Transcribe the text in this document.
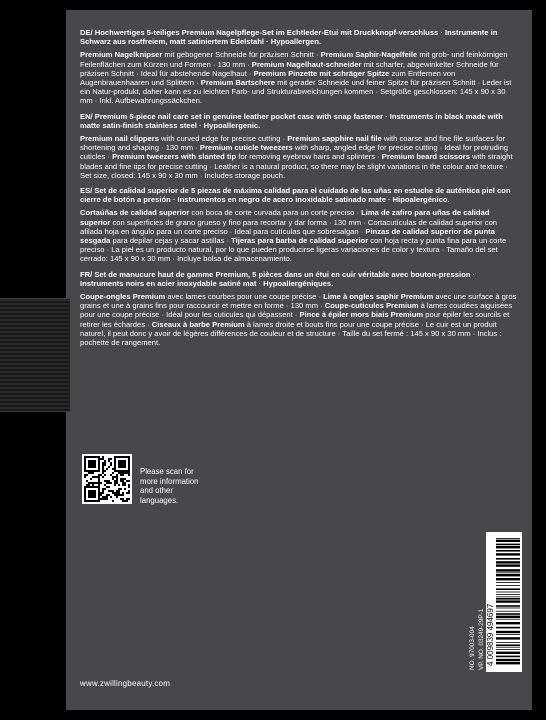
DE/ Hochwertiges 5-teiliges Premium Nagelpflege-Set im Echtleder-Etui mit Druckknopf-verschluss · Instrumente in Schwarz aus rostfreiem, matt satiniertem Edelstahl · Hypoallergen.
Premium Nagelknipser mit gebogener Schneide für präzisen Schnitt · Premium Saphir-Nagelfeile mit grob- und feinkörnigen Feilenflächen zum Kürzen und Formen · 130 mm · Premium Nagelhaut-schneider mit scharfer, abgewinkelter Schneide für präzisen Schnitt · Ideal für abstehende Nagelhaut · Premium Pinzette mit schräger Spitze zum Entfernen von Augenbrauenhaaren und Splittern · Premium Bartschere mit gerader Schneide und feiner Spitze für präzisen Schnitt · Leder ist ein Natur-produkt, daher kann es zu leichten Farb- und Strukturabweichungen kommen · Setgröße geschlossen: 145 x 90 x 30 mm · Inkl. Aufbewahrungssäckchen.
EN/ Premium 5-piece nail care set in genuine leather pocket case with snap fastener · Instruments in black made with matte satin-finish stainless steel · Hypoallergenic.
Premium nail clippers with curved edge for precise cutting · Premium sapphire nail file with coarse and fine file surfaces for shortening and shaping · 130 mm · Premium cuticle tweezers with sharp, angled edge for precise cutting · Ideal for protruding cuticles · Premium tweezers with slanted tip for removing eyebrow hairs and splinters · Premium beard scissors with straight blades and fine tips for precise cutting · Leather is a natural product, so there may be slight variations in the colour and texture · Set size, closed: 145 x 90 x 30 mm · Includes storage pouch.
ES/ Set de calidad superior de 5 piezas de máxima calidad para el cuidado de las uñas en estuche de auténtica piel con cierre de botón a presión · Instrumentos en negro de acero inoxidable satinado mate · Hipoalergénico.
Cortaúñas de calidad superior con boca de corte curvada para un corte preciso · Lima de zafiro para uñas de calidad superior con superficies de grano grueso y fino para recortar y dar forma · 130 mm · Cortacutículas de calidad superior con afilada hoja en ángulo para un corte preciso · Ideal para cutículas que sobresalgan · Pinzas de calidad superior de punta sesgada para depilar cejas y sacar astillas · Tijeras para barba de calidad superior con hoja recta y punta fina para un corte preciso · La piel es un producto natural, por lo que pueden producirse ligeras variaciones de color y textura · Tamaño del set cerrado: 145 x 90 x 30 mm · Incluye bolsa de almacenamiento.
FR/ Set de manucure haut de gamme Premium, 5 pièces dans un étui en cuir véritable avec bouton-pression · Instruments noirs en acier inoxydable satiné mat · Hypoallergéniques.
Coupe-ongles Premium avec lames courbes pour une coupe précise · Lime à ongles saphir Premium avec une surface à gros grains et une à grains fins pour raccourcir et mettre en forme · 130 mm · Coupe-cuticules Premium à lames coudées aiguisées pour une coupe précise · Idéal pour les cuticules qui dépassent · Pince à épiler mors biais Premium pour épiler les sourcils et retirer les échardes · Ciseaux à barbe Premium à lames droite et bouts fins pour une coupe précise · Le cuir est un produit naturel, il peut donc y avoir de légères différences de couleur et de structure · Taille du set fermé : 145 x 90 x 30 mm · Inclus : pochette de rangement.
Please scan for more information and other languages.
NO. 97003-004 VP. NO. 03249-29P-1 4 009839 494697
www.zwillingbeauty.com
